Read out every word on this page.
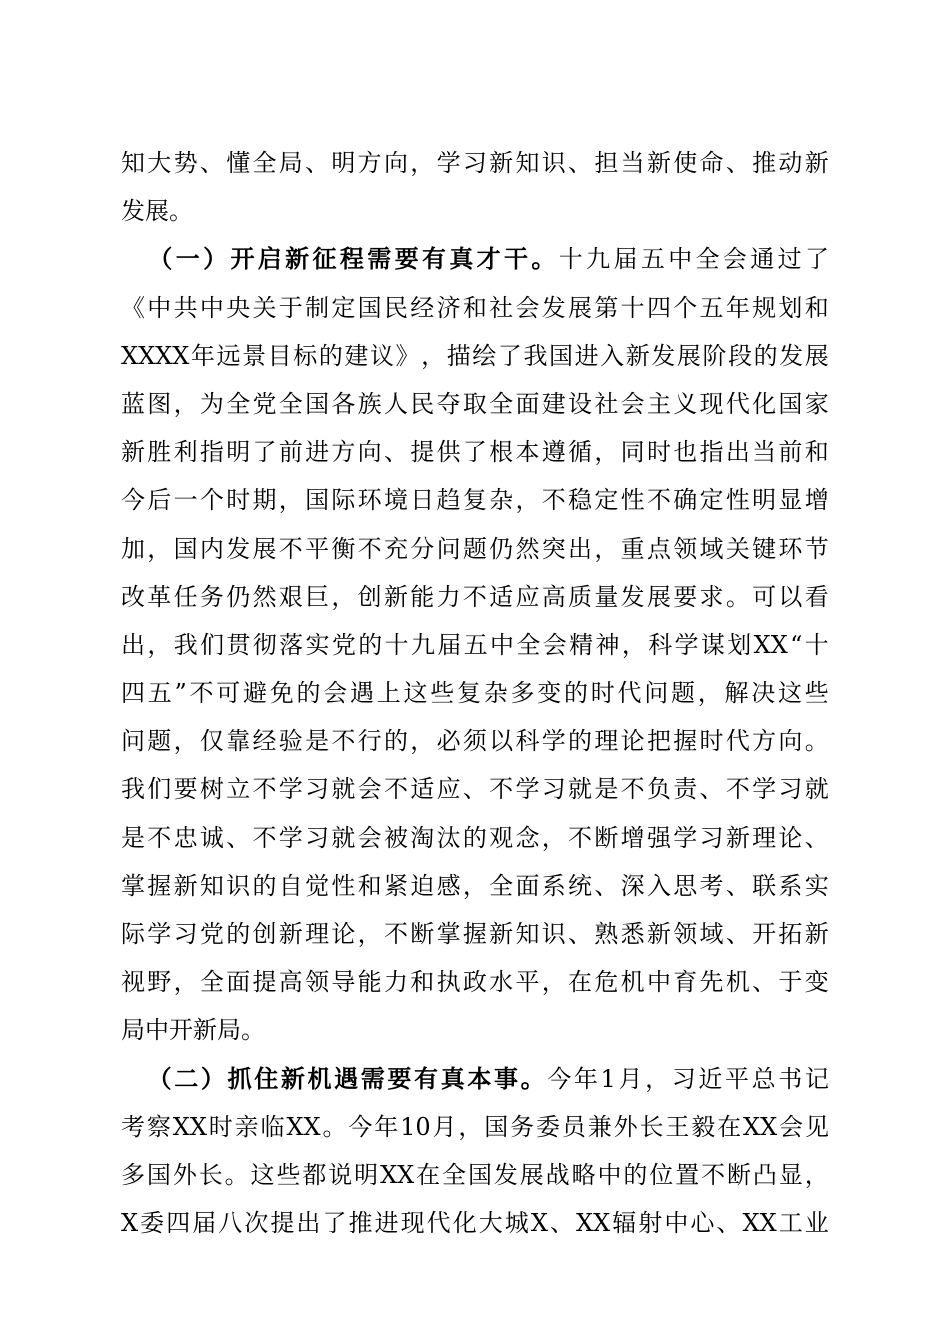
知 大 势 、 懂 全 局 、 明 方 向 ， 学 习 新 知 识 、 担 当 新 使 命 、 推 动 新
发 展 。

（ 一 ） 开 启 新 征 程 需 要 有 真 才 干 。 十 九 届 五 中 全 会 通 过 了
《 中 共 中 央 关 于 制 定 国 民 经 济 和 社 会 发 展 第 十 四 个 五 年 规 划 和
XXXX 年 远 景 目 标 的 建 议 》 ， 描 绘 了 我 国 进 入 新 发 展 阶 段 的 发 展
蓝 图 ， 为 全 党 全 国 各 族 人 民 夺 取 全 面 建 设 社 会 主 义 现 代 化 国 家
新 胜 利 指 明 了 前 进 方 向 、 提 供 了 根 本 遵 循 ， 同 时 也 指 出 当 前 和
今 后 一 个 时 期 ， 国 际 环 境 日 趋 复 杂 ， 不 稳 定 性 不 确 定 性 明 显 增
加 ， 国 内 发 展 不 平 衡 不 充 分 问 题 仍 然 突 出 ， 重 点 领 域 关 键 环 节
改 革 任 务 仍 然 艰 巨 ， 创 新 能 力 不 适 应 高 质 量 发 展 要 求 。 可 以 看
出 ， 我 们 贯 彻 落 实 党 的 十 九 届 五 中 全 会 精 神 ， 科 学 谋 划 XX “ 十
四 五 ” 不 可 避 免 的 会 遇 上 这 些 复 杂 多 变 的 时 代 问 题 ， 解 决 这 些
问 题 ， 仅 靠 经 验 是 不 行 的 ， 必 须 以 科 学 的 理 论 把 握 时 代 方 向 。
我 们 要 树 立 不 学 习 就 会 不 适 应 、 不 学 习 就 是 不 负 责 、 不 学 习 就
是 不 忠 诚 、 不 学 习 就 会 被 淘 汰 的 观 念 ， 不 断 增 强 学 习 新 理 论 、
掌 握 新 知 识 的 自 觉 性 和 紧 迫 感 ， 全 面 系 统 、 深 入 思 考 、 联 系 实
际 学 习 党 的 创 新 理 论 ， 不 断 掌 握 新 知 识 、 熟 悉 新 领 域 、 开 拓 新
视 野 ， 全 面 提 高 领 导 能 力 和 执 政 水 平 ， 在 危 机 中 育 先 机 、 于 变
局 中 开 新 局 。

（ 二 ） 抓 住 新 机 遇 需 要 有 真 本 事 。 今 年 1 月 ， 习 近 平 总 书 记
考 察 XX 时 亲 临 XX 。 今 年 10 月 ， 国 务 委 员 兼 外 长 王 毅 在 XX 会 见
多 国 外 长 。 这 些 都 说 明 XX 在 全 国 发 展 战 略 中 的 位 置 不 断 凸 显 ，
X 委 四 届 八 次 提 出 了 推 进 现 代 化 大 城 X 、 XX 辐 射 中 心 、 XX 工 业
